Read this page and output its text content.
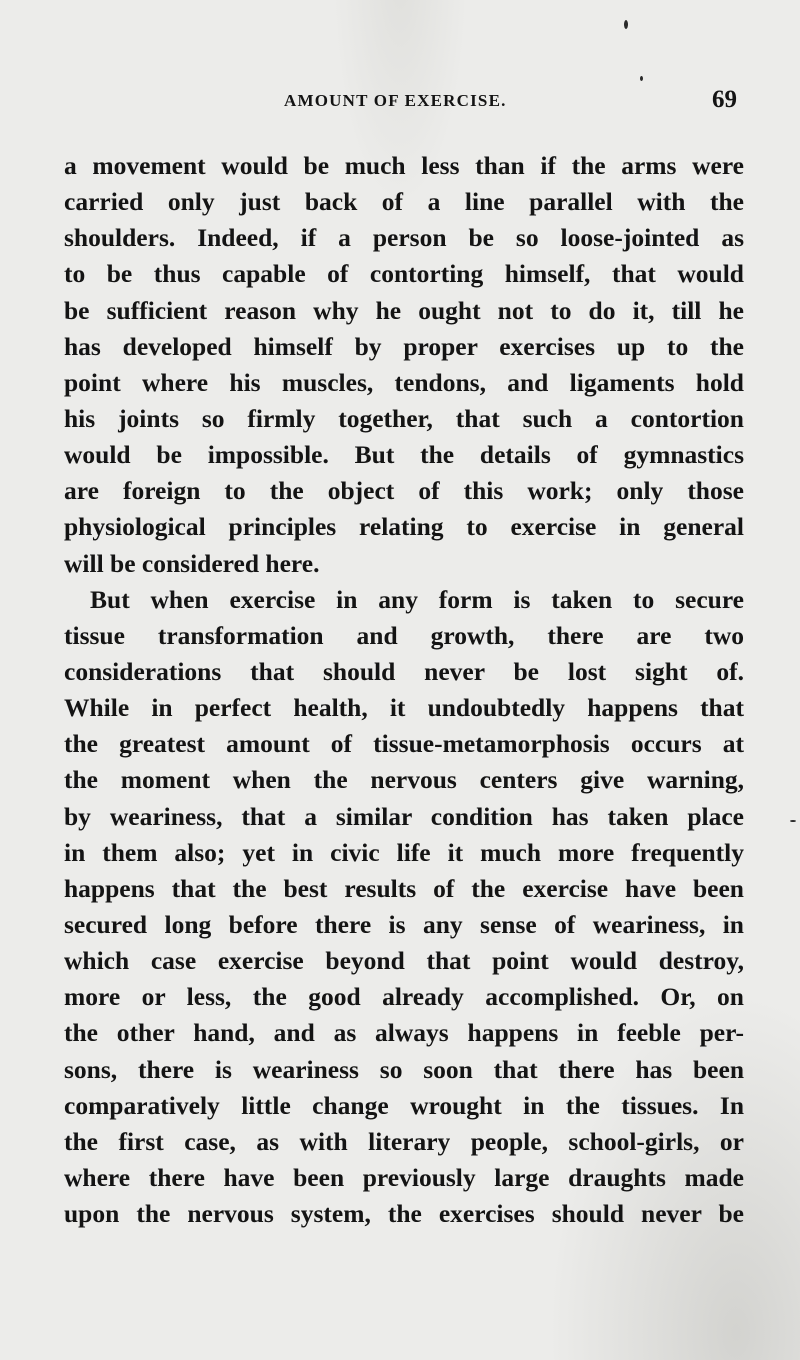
AMOUNT OF EXERCISE.	69
a movement would be much less than if the arms were
carried only just back of a line parallel with the
shoulders. Indeed, if a person be so loose-jointed as
to be thus capable of contorting himself, that would
be sufficient reason why he ought not to do it, till he
has developed himself by proper exercises up to the
point where his muscles, tendons, and ligaments hold
his joints so firmly together, that such a contortion
would be impossible. But the details of gymnastics
are foreign to the object of this work; only those
physiological principles relating to exercise in general
will be considered here.
But when exercise in any form is taken to secure
tissue transformation and growth, there are two
considerations that should never be lost sight of.
While in perfect health, it undoubtedly happens that
the greatest amount of tissue-metamorphosis occurs at
the moment when the nervous centers give warning,
by weariness, that a similar condition has taken place
in them also; yet in civic life it much more frequently
happens that the best results of the exercise have been
secured long before there is any sense of weariness, in
which case exercise beyond that point would destroy,
more or less, the good already accomplished. Or, on
the other hand, and as always happens in feeble per-
sons, there is weariness so soon that there has been
comparatively little change wrought in the tissues. In
the first case, as with literary people, school-girls, or
where there have been previously large draughts made
upon the nervous system, the exercises should never be
